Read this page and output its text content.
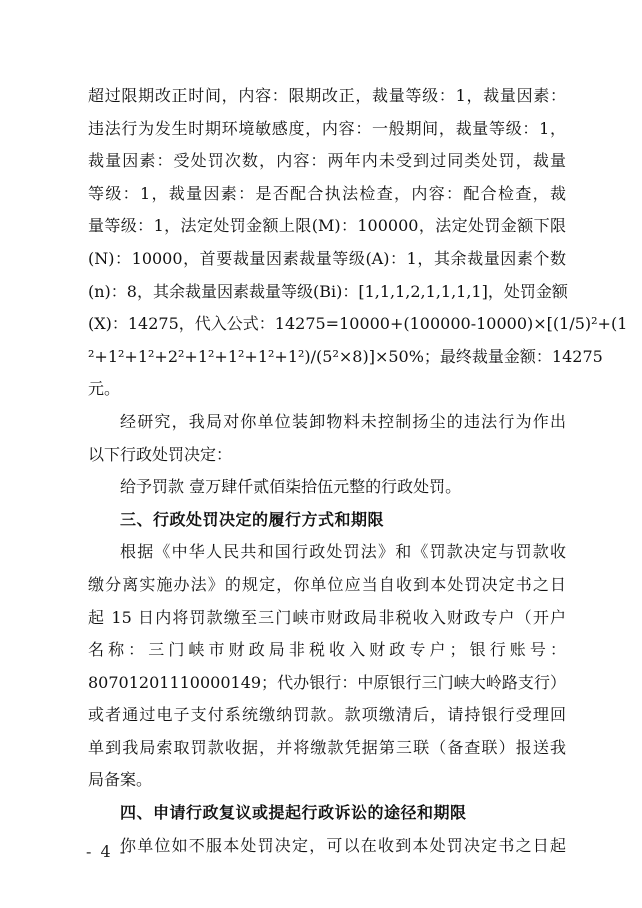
超过限期改正时间，内容：限期改正，裁量等级：1，裁量因素：
违法行为发生时期环境敏感度，内容：一般期间，裁量等级：1，
裁量因素：受处罚次数，内容：两年内未受到过同类处罚，裁量
等级：1，裁量因素：是否配合执法检查，内容：配合检查，裁
量等级：1，法定处罚金额上限(M)：100000，法定处罚金额下限
(N)：10000，首要裁量因素裁量等级(A)：1，其余裁量因素个数
(n)：8，其余裁量因素裁量等级(Bi)：[1,1,1,2,1,1,1,1]，处罚金额
(X)：14275，代入公式：14275=10000+(100000-10000)×[(1/5)²+(1
²+1²+1²+2²+1²+1²+1²+1²)/(5²×8)]×50%；最终裁量金额：14275
元。
经研究，我局对你单位装卸物料未控制扬尘的违法行为作出
以下行政处罚决定：
给予罚款 壹万肆仟贰佰柒拾伍元整的行政处罚。
三、行政处罚决定的履行方式和期限
根据《中华人民共和国行政处罚法》和《罚款决定与罚款收
缴分离实施办法》的规定，你单位应当自收到本处罚决定书之日
起 15 日内将罚款缴至三门峡市财政局非税收入财政专户（开户
名称：三门峡市财政局非税收入财政专户；银行账号：
80701201110000149；代办银行：中原银行三门峡大岭路支行）
或者通过电子支付系统缴纳罚款。款项缴清后，请持银行受理回
单到我局索取罚款收据，并将缴款凭据第三联（备查联）报送我
局备案。
四、申请行政复议或提起行政诉讼的途径和期限
你单位如不服本处罚决定，可以在收到本处罚决定书之日起
- 4 -
